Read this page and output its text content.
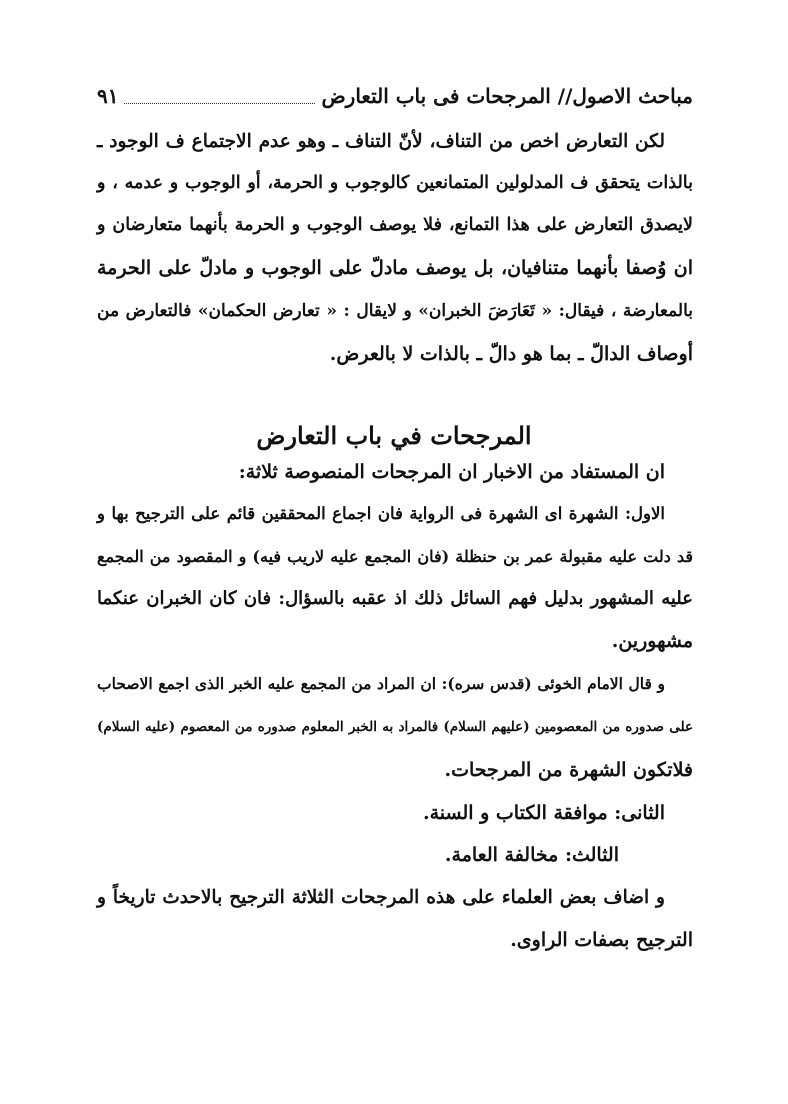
مباحث الاصول// المرجحات فى باب التعارض
۹۱
لكن التعارض اخص من التناف، لأنّ التناف ـ وهو عدم الاجتماع ف الوجود ـ
بالذات يتحقق ف المدلولين المتمانعين كالوجوب و الحرمة، أو الوجوب و عدمه ، و
لايصدق التعارض على هذا التمانع، فلا يوصف الوجوب و الحرمة بأنهما متعارضان و
ان وُصفا بأنهما متنافيان، بل يوصف مادلّ على الوجوب و مادلّ على الحرمة
بالمعارضة ، فيقال: « تَعَارَضَ الخبران» و لايقال : « تعارض الحكمان» فالتعارض من
أوصاف الدالّ ـ بما هو دالّ ـ بالذات لا بالعرض.
المرجحات في باب التعارض
ان المستفاد من الاخبار ان المرجحات المنصوصة ثلاثة:
الاول: الشهرة اى الشهرة فى الرواية فان اجماع المحققين قائم على الترجيح بها و
قد دلت عليه مقبولة عمر بن حنظلة (فان المجمع عليه لاريب فيه) و المقصود من المجمع
عليه المشهور بدليل فهم السائل ذلك اذ عقبه بالسؤال: فان كان الخبران عنكما
مشهورين.
و قال الامام الخوئى (قدس سره): ان المراد من المجمع عليه الخبر الذى اجمع الاصحاب
على صدوره من المعصومين (عليهم السلام) فالمراد به الخبر المعلوم صدوره من المعصوم (عليه السلام)
فلاتكون الشهرة من المرجحات.
الثانى: موافقة الكتاب و السنة.
الثالث: مخالفة العامة.
و اضاف بعض العلماء على هذه المرجحات الثلاثة الترجيح بالاحدث تاريخاً و
الترجيح بصفات الراوى.
